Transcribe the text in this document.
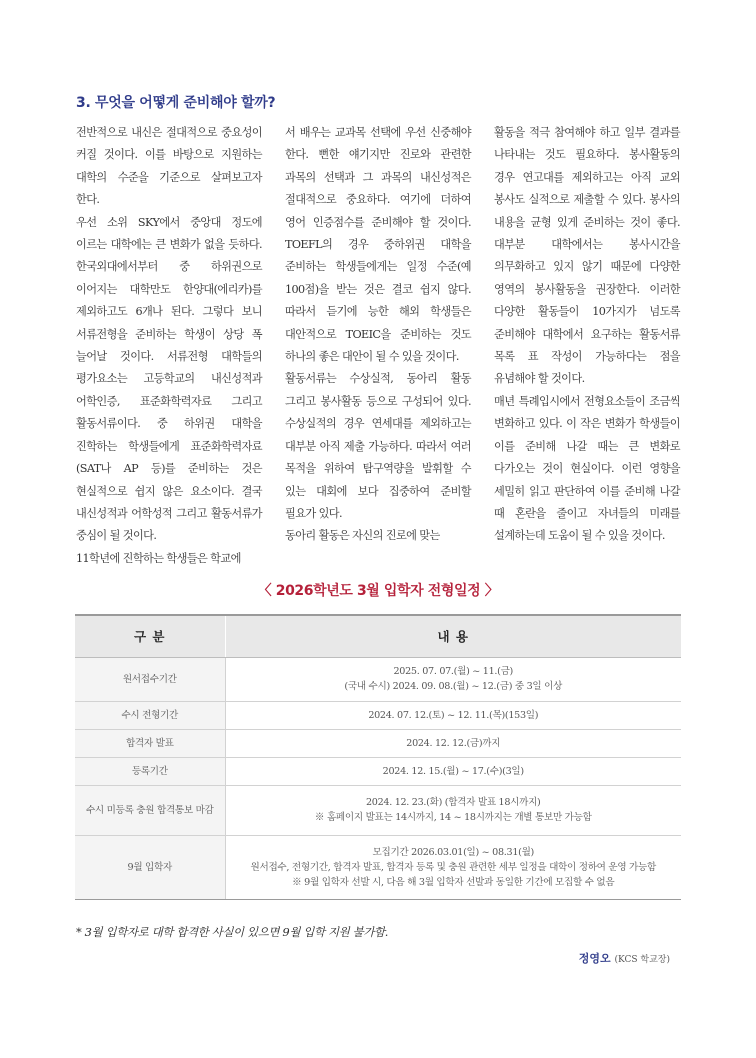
3. 무엇을 어떻게 준비해야 할까?

전반적으로 내신은 절대적으로 중요성이 커질 것이다. 이를 바탕으로 지원하는 대학의 수준을 기준으로 살펴보고자 한다.

우선 소위 SKY에서 중앙대 정도에 이르는 대학에는 큰 변화가 없을 듯하다. 한국외대에서부터 중 하위권으로 이어지는 대학만도 한양대(에리카)를 제외하고도 6개나 된다. 그렇다 보니 서류전형을 준비하는 학생이 상당 폭 늘어날 것이다. 서류전형 대학들의 평가요소는 고등학교의 내신성적과 어학인증, 표준화학력자료 그리고 활동서류이다. 중 하위권 대학을 진학하는 학생들에게 표준화학력자료(SAT나 AP 등)를 준비하는 것은 현실적으로 쉽지 않은 요소이다. 결국 내신성적과 어학성적 그리고 활동서류가 중심이 될 것이다.

11학년에 진학하는 학생들은 학교에

서 배우는 교과목 선택에 우선 신중해야 한다. 뻔한 얘기지만 진로와 관련한 과목의 선택과 그 과목의 내신성적은 절대적으로 중요하다. 여기에 더하여 영어 인증점수를 준비해야 할 것이다. TOEFL의 경우 중하위권 대학을 준비하는 학생들에게는 일정 수준(예 100점)을 받는 것은 결코 쉽지 않다. 따라서 듣기에 능한 해외 학생들은 대안적으로 TOEIC을 준비하는 것도 하나의 좋은 대안이 될 수 있을 것이다.

활동서류는 수상실적, 동아리 활동 그리고 봉사활동 등으로 구성되어 있다. 수상실적의 경우 연세대를 제외하고는 대부분 아직 제출 가능하다. 따라서 여러 목적을 위하여 탐구역량을 발휘할 수 있는 대회에 보다 집중하여 준비할 필요가 있다.

동아리 활동은 자신의 진로에 맞는

활동을 적극 참여해야 하고 일부 결과를 나타내는 것도 필요하다. 봉사활동의 경우 연고대를 제외하고는 아직 교외 봉사도 실적으로 제출할 수 있다. 봉사의 내용을 균형 있게 준비하는 것이 좋다. 대부분 대학에서는 봉사시간을 의무화하고 있지 않기 때문에 다양한 영역의 봉사활동을 권장한다. 이러한 다양한 활동들이 10가지가 넘도록 준비해야 대학에서 요구하는 활동서류 목록 표 작성이 가능하다는 점을 유념해야 할 것이다.

매년 특례입시에서 전형요소들이 조금씩 변화하고 있다. 이 작은 변화가 학생들이 이를 준비해 나갈 때는 큰 변화로 다가오는 것이 현실이다. 이런 영향을 세밀히 읽고 판단하여 이를 준비해 나갈 때 혼란을 줄이고 자녀들의 미래를 설계하는데 도움이 될 수 있을 것이다.

〈 2026학년도 3월 입학자 전형일정 〉
구 분	내 용
원서접수기간	2025. 07. 07.(월) ~ 11.(금)
(국내 수시) 2024. 09. 08.(월) ~ 12.(금) 중 3일 이상

수시 전형기간	2024. 07. 12.(토) ~ 12. 11.(목)(153일)

합격자 발표	2024. 12. 12.(금)까지

등록기간	2024. 12. 15.(월) ~ 17.(수)(3일)

수시 미등록 충원 합격통보 마감	2024. 12. 23.(화) (합격자 발표 18시까지)
※ 홈페이지 발표는 14시까지, 14 ~ 18시까지는 개별 통보만 가능함

9월 입학자	모집기간 2026.03.01(일) ~ 08.31(월)
원서접수, 전형기간, 합격자 발표, 합격자 등록 및 충원 관련한 세부 일정을 대학이 정하여 운영 가능함
※ 9월 입학자 선발 시, 다음 해 3월 입학자 선발과 동일한 기간에 모집할 수 없음
* 3월 입학자로 대학 합격한 사실이 있으면 9월 입학 지원 불가함.
정영오 (KCS 학교장)
